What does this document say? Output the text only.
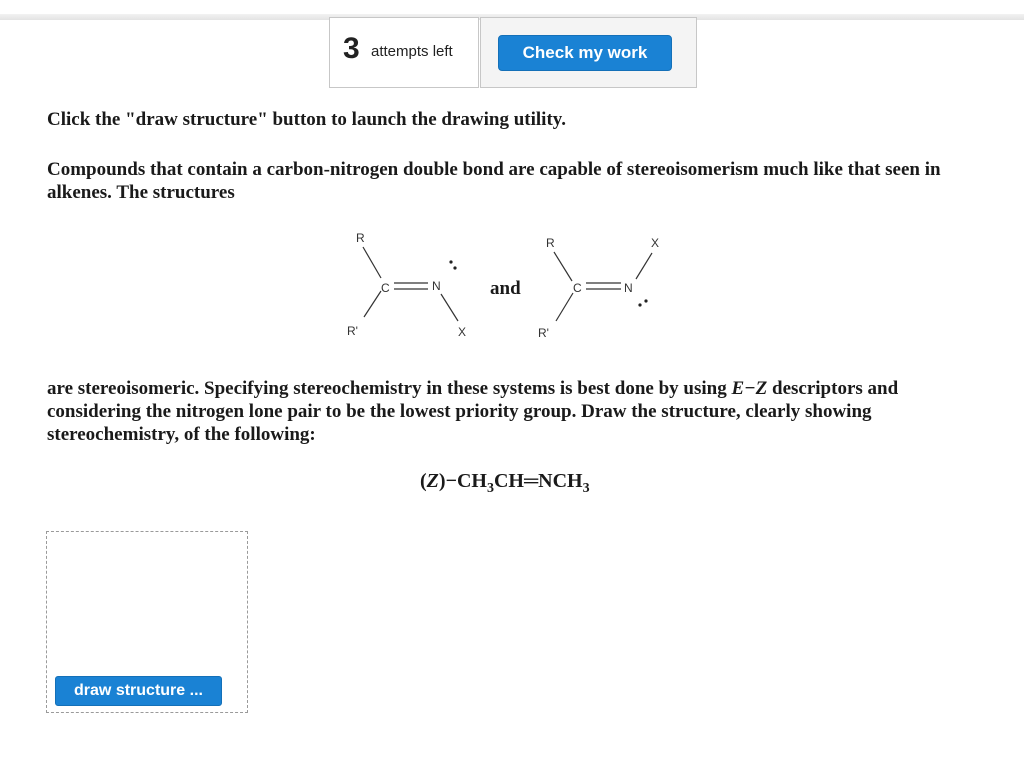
3 attempts left	Check my work

Click the "draw structure" button to launch the drawing utility.

Compounds that contain a carbon-nitrogen double bond are capable of stereoisomerism much like that seen in alkenes. The structures

R
R'
C	N
X
and
R
R'
C	N
X

are stereoisomeric. Specifying stereochemistry in these systems is best done by using E−Z descriptors and considering the nitrogen lone pair to be the lowest priority group. Draw the structure, clearly showing stereochemistry, of the following:

$(Z)-CH_3CH═NCH_3$
draw structure ...
